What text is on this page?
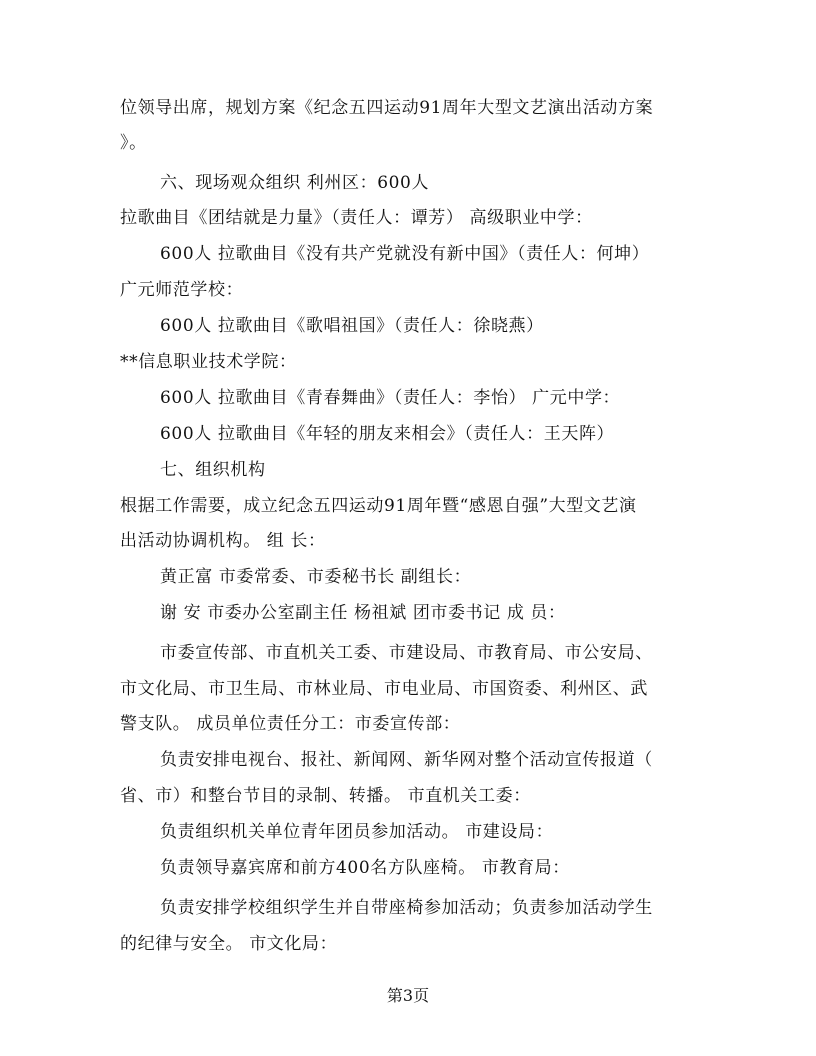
位领导出席，规划方案《纪念五四运动91周年大型文艺演出活动方案
》。
六、现场观众组织 利州区：600人
拉歌曲目《团结就是力量》（责任人：谭芳） 高级职业中学：
600人 拉歌曲目《没有共产党就没有新中国》（责任人：何坤）
广元师范学校：
600人 拉歌曲目《歌唱祖国》（责任人：徐晓燕）
**信息职业技术学院：
600人 拉歌曲目《青春舞曲》（责任人：李怡） 广元中学：
600人 拉歌曲目《年轻的朋友来相会》（责任人：王天阵）
七、组织机构
根据工作需要，成立纪念五四运动91周年暨“感恩自强”大型文艺演
出活动协调机构。 组 长：
黄正富 市委常委、市委秘书长 副组长：
谢 安 市委办公室副主任 杨祖斌 团市委书记 成 员：
市委宣传部、市直机关工委、市建设局、市教育局、市公安局、
市文化局、市卫生局、市林业局、市电业局、市国资委、利州区、武
警支队。 成员单位责任分工：市委宣传部：
负责安排电视台、报社、新闻网、新华网对整个活动宣传报道（
省、市）和整台节目的录制、转播。 市直机关工委：
负责组织机关单位青年团员参加活动。 市建设局：
负责领导嘉宾席和前方400名方队座椅。 市教育局：
负责安排学校组织学生并自带座椅参加活动；负责参加活动学生
的纪律与安全。 市文化局：
第3页
